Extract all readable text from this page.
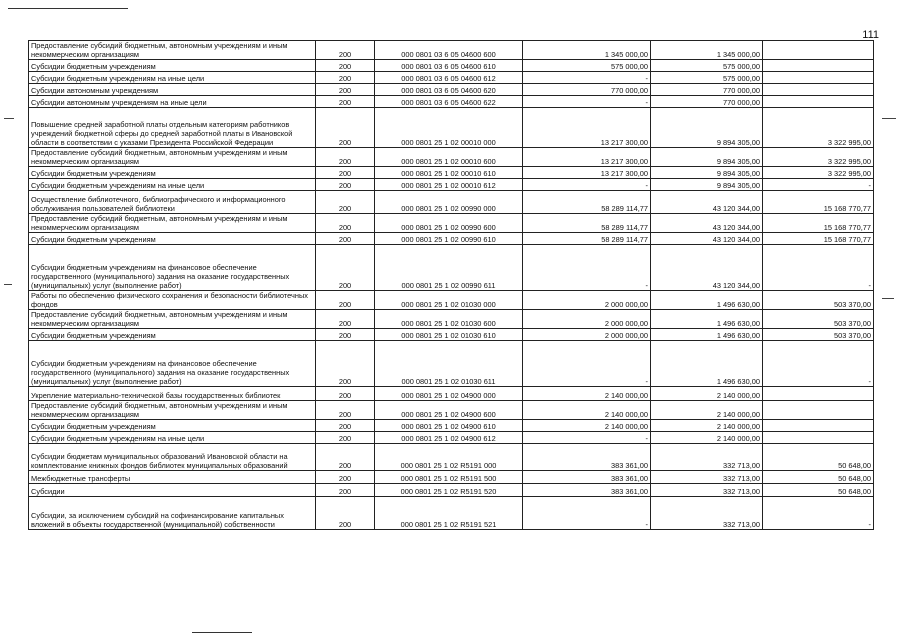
111
Предоставление субсидий бюджетным, автономным учреждениям и иным некоммерческим организациям	200	000 0801 03 6 05 04600 600	1 345 000,00	1 345 000,00	
Субсидии бюджетным учреждениям	200	000 0801 03 6 05 04600 610	575 000,00	575 000,00	
Субсидии бюджетным учреждениям на иные цели	200	000 0801 03 6 05 04600 612	-	575 000,00	
Субсидии автономным учреждениям	200	000 0801 03 6 05 04600 620	770 000,00	770 000,00	
Субсидии автономным учреждениям на иные цели	200	000 0801 03 6 05 04600 622	-	770 000,00	
Повышение средней заработной платы отдельным категориям работников учреждений бюджетной сферы до средней заработной платы в Ивановской области в соответствии с указами Президента Российской Федерации	200	000 0801 25 1 02 00010 000	13 217 300,00	9 894 305,00	3 322 995,00
Предоставление субсидий бюджетным, автономным учреждениям и иным некоммерческим организациям	200	000 0801 25 1 02 00010 600	13 217 300,00	9 894 305,00	3 322 995,00
Субсидии бюджетным учреждениям	200	000 0801 25 1 02 00010 610	13 217 300,00	9 894 305,00	3 322 995,00
Субсидии бюджетным учреждениям на иные цели	200	000 0801 25 1 02 00010 612	-	9 894 305,00	-
Осуществление библиотечного, библиографического и информационного обслуживания пользователей библиотеки	200	000 0801 25 1 02 00990 000	58 289 114,77	43 120 344,00	15 168 770,77
Предоставление субсидий бюджетным, автономным учреждениям и иным некоммерческим организациям	200	000 0801 25 1 02 00990 600	58 289 114,77	43 120 344,00	15 168 770,77
Субсидии бюджетным учреждениям	200	000 0801 25 1 02 00990 610	58 289 114,77	43 120 344,00	15 168 770,77
Субсидии бюджетным учреждениям на финансовое обеспечение государственного (муниципального) задания на оказание государственных (муниципальных) услуг (выполнение работ)	200	000 0801 25 1 02 00990 611	-	43 120 344,00	-
Работы по обеспечению физического сохранения и безопасности библиотечных фондов	200	000 0801 25 1 02 01030 000	2 000 000,00	1 496 630,00	503 370,00
Предоставление субсидий бюджетным, автономным учреждениям и иным некоммерческим организациям	200	000 0801 25 1 02 01030 600	2 000 000,00	1 496 630,00	503 370,00
Субсидии бюджетным учреждениям	200	000 0801 25 1 02 01030 610	2 000 000,00	1 496 630,00	503 370,00
Субсидии бюджетным учреждениям на финансовое обеспечение государственного (муниципального) задания на оказание государственных (муниципальных) услуг (выполнение работ)	200	000 0801 25 1 02 01030 611	-	1 496 630,00	-
Укрепление материально-технической базы государственных библиотек	200	000 0801 25 1 02 04900 000	2 140 000,00	2 140 000,00	
Предоставление субсидий бюджетным, автономным учреждениям и иным некоммерческим организациям	200	000 0801 25 1 02 04900 600	2 140 000,00	2 140 000,00	
Субсидии бюджетным учреждениям	200	000 0801 25 1 02 04900 610	2 140 000,00	2 140 000,00	
Субсидии бюджетным учреждениям на иные цели	200	000 0801 25 1 02 04900 612	-	2 140 000,00	
Субсидии бюджетам муниципальных образований Ивановской области на комплектование книжных фондов библиотек муниципальных образований	200	000 0801 25 1 02 R5191 000	383 361,00	332 713,00	50 648,00
Межбюджетные трансферты	200	000 0801 25 1 02 R5191 500	383 361,00	332 713,00	50 648,00
Субсидии	200	000 0801 25 1 02 R5191 520	383 361,00	332 713,00	50 648,00
Субсидии, за исключением субсидий на софинансирование капитальных вложений в объекты государственной (муниципальной) собственности	200	000 0801 25 1 02 R5191 521	-	332 713,00	-
